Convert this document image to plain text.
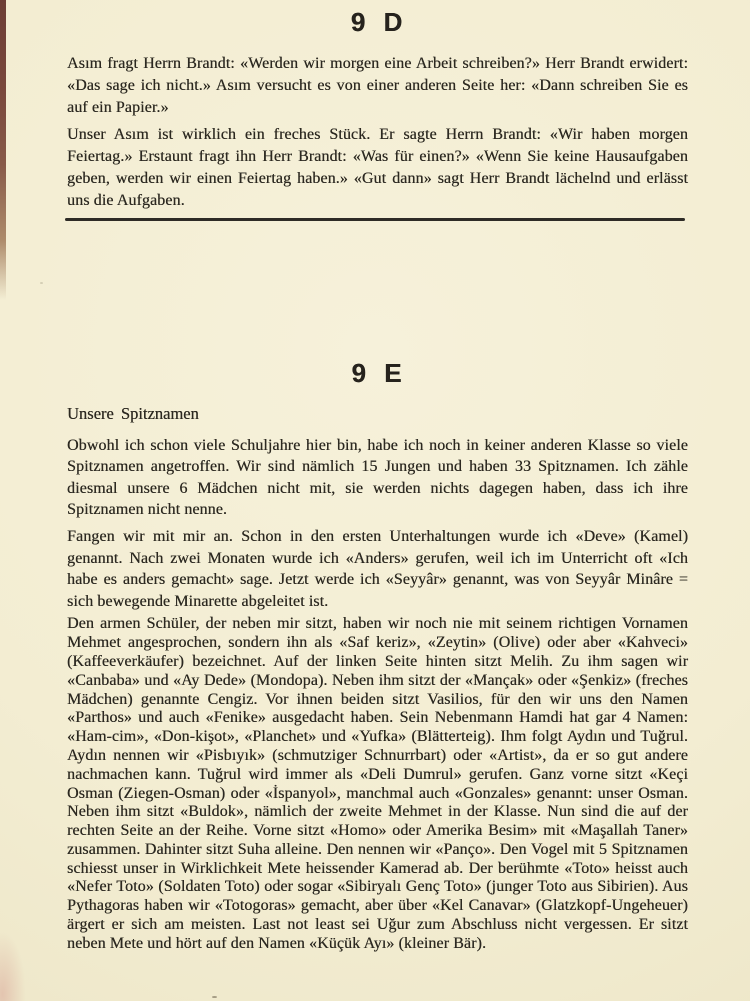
9 D

Asım fragt Herrn Brandt: «Werden wir morgen eine Arbeit schreiben?» Herr Brandt erwidert: «Das sage ich nicht.» Asım versucht es von einer anderen Seite her: «Dann schreiben Sie es auf ein Papier.»

Unser Asım ist wirklich ein freches Stück. Er sagte Herrn Brandt: «Wir haben morgen Feiertag.» Erstaunt fragt ihn Herr Brandt: «Was für einen?» «Wenn Sie keine Hausaufgaben geben, werden wir einen Feiertag haben.» «Gut dann» sagt Herr Brandt lächelnd und erlässt uns die Aufgaben.

9 E

Unsere Spitznamen

Obwohl ich schon viele Schuljahre hier bin, habe ich noch in keiner anderen Klasse so viele Spitznamen angetroffen. Wir sind nämlich 15 Jungen und haben 33 Spitznamen. Ich zähle diesmal unsere 6 Mädchen nicht mit, sie werden nichts dagegen haben, dass ich ihre Spitznamen nicht nenne.

Fangen wir mit mir an. Schon in den ersten Unterhaltungen wurde ich «Deve» (Kamel) genannt. Nach zwei Monaten wurde ich «Anders» gerufen, weil ich im Unterricht oft «Ich habe es anders gemacht» sage. Jetzt werde ich «Seyyâr» genannt, was von Seyyâr Minâre = sich bewegende Minarette abgeleitet ist.

Den armen Schüler, der neben mir sitzt, haben wir noch nie mit seinem richtigen Vornamen Mehmet angesprochen, sondern ihn als «Saf keriz», «Zeytin» (Olive) oder aber «Kahveci» (Kaffeeverkäufer) bezeichnet. Auf der linken Seite hinten sitzt Melih. Zu ihm sagen wir «Canbaba» und «Ay Dede» (Mondopa). Neben ihm sitzt der «Mançak» oder «Şenkiz» (freches Mädchen) genannte Cengiz. Vor ihnen beiden sitzt Vasilios, für den wir uns den Namen «Parthos» und auch «Fenike» ausgedacht haben. Sein Nebenmann Hamdi hat gar 4 Namen: «Ham-cim», «Don-kişot», «Planchet» und «Yufka» (Blätterteig). Ihm folgt Aydın und Tuğrul. Aydın nennen wir «Pisbıyık» (schmutziger Schnurrbart) oder «Artist», da er so gut andere nachmachen kann. Tuğrul wird immer als «Deli Dumrul» gerufen. Ganz vorne sitzt «Keçi Osman (Ziegen-Osman) oder «İspanyol», manchmal auch «Gonzales» genannt: unser Osman. Neben ihm sitzt «Buldok», nämlich der zweite Mehmet in der Klasse. Nun sind die auf der rechten Seite an der Reihe. Vorne sitzt «Homo» oder Amerika Besim» mit «Maşallah Taner» zusammen. Dahinter sitzt Suha alleine. Den nennen wir «Panço». Den Vogel mit 5 Spitznamen schiesst unser in Wirklichkeit Mete heissender Kamerad ab. Der berühmte «Toto» heisst auch «Nefer Toto» (Soldaten Toto) oder sogar «Sibiryalı Genç Toto» (junger Toto aus Sibirien). Aus Pythagoras haben wir «Totogoras» gemacht, aber über «Kel Canavar» (Glatzkopf-Ungeheuer) ärgert er sich am meisten. Last not least sei Uğur zum Abschluss nicht vergessen. Er sitzt neben Mete und hört auf den Namen «Küçük Ayı» (kleiner Bär).
